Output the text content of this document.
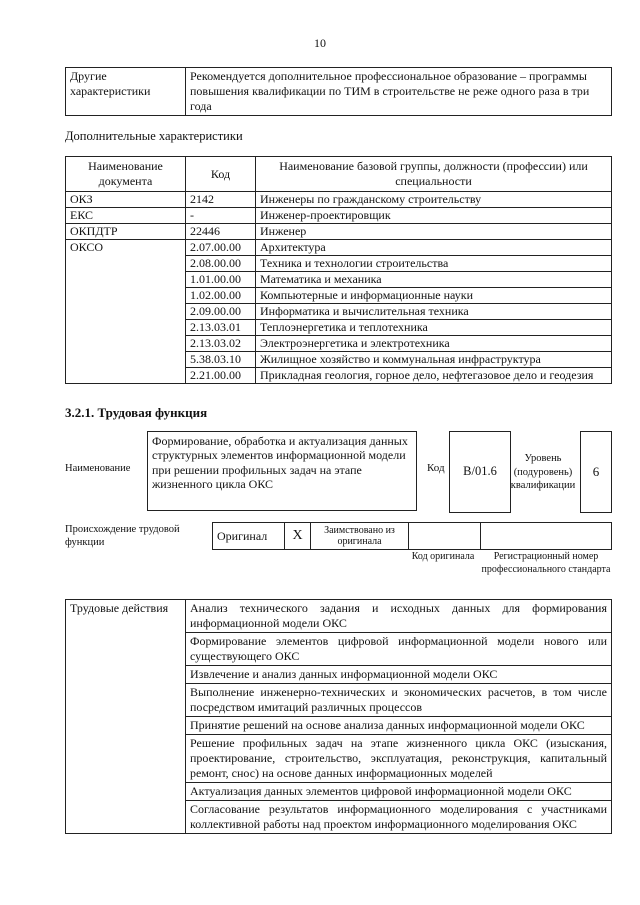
10
Другие характеристики	Рекомендуется дополнительное профессиональное образование – программы повышения квалификации по ТИМ в строительстве не реже одного раза в три года
Дополнительные характеристики
Наименование документа	Код	Наименование базовой группы, должности (профессии) или специальности
ОКЗ	2142	Инженеры по гражданскому строительству
ЕКС	-	Инженер-проектировщик
ОКПДТР	22446	Инженер
ОКСО	2.07.00.00	Архитектура
	2.08.00.00	Техника и технологии строительства
	1.01.00.00	Математика и механика
	1.02.00.00	Компьютерные и информационные науки
	2.09.00.00	Информатика и вычислительная техника
	2.13.03.01	Теплоэнергетика и теплотехника
	2.13.03.02	Электроэнергетика и электротехника
	5.38.03.10	Жилищное хозяйство и коммунальная инфраструктура
	2.21.00.00	Прикладная геология, горное дело, нефтегазовое дело и геодезия
3.2.1. Трудовая функция
Наименование
Формирование, обработка и актуализация данных структурных элементов информационной модели при решении профильных задач на этапе жизненного цикла ОКС
Код	B/01.6
Уровень (подуровень) квалификации
6
Происхождение трудовой функции	Оригинал	X	Заимствовано из оригинала		
Код оригинала	Регистрационный номер профессионального стандарта
Трудовые действия	Анализ технического задания и исходных данных для формирования информационной модели ОКС
Формирование элементов цифровой информационной модели нового или существующего ОКС
Извлечение и анализ данных информационной модели ОКС
Выполнение инженерно-технических и экономических расчетов, в том числе посредством имитаций различных процессов
Принятие решений на основе анализа данных информационной модели ОКС
Решение профильных задач на этапе жизненного цикла ОКС (изыскания, проектирование, строительство, эксплуатация, реконструкция, капитальный ремонт, снос) на основе данных информационных моделей
Актуализация данных элементов цифровой информационной модели ОКС
Согласование результатов информационного моделирования с участниками коллективной работы над проектом информационного моделирования ОКС
